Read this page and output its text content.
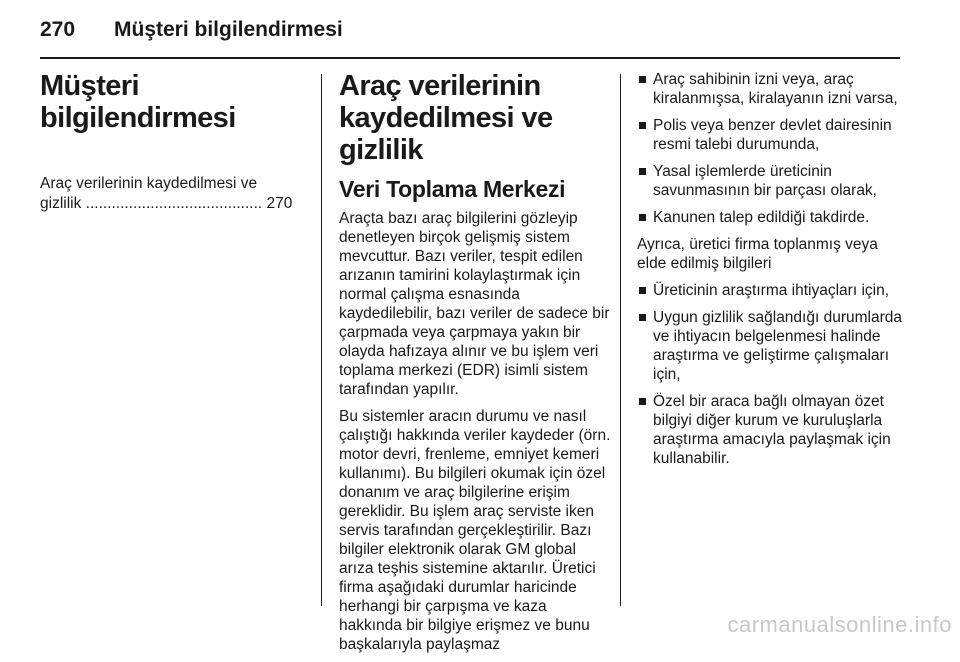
270 Müşteri bilgilendirmesi
Müşteri bilgilendirmesi
Araç verilerinin kaydedilmesi ve
gizlilik ......................................... 270
Araç verilerinin
kaydedilmesi ve gizlilik
Veri Toplama Merkezi

Araçta bazı araç bilgilerini gözleyip denetleyen birçok gelişmiş sistem mevcuttur. Bazı veriler, tespit edilen arızanın tamirini kolaylaştırmak için normal çalışma esnasında kaydedilebilir, bazı veriler de sadece bir çarpmada veya çarpmaya yakın bir olayda hafızaya alınır ve bu işlem veri toplama merkezi (EDR) isimli sistem tarafından yapılır.

Bu sistemler aracın durumu ve nasıl çalıştığı hakkında veriler kaydeder (örn. motor devri, frenleme, emniyet kemeri kullanımı). Bu bilgileri okumak için özel donanım ve araç bilgilerine erişim gereklidir. Bu işlem araç serviste iken servis tarafından gerçekleştirilir. Bazı bilgiler elektronik olarak GM global arıza teşhis sistemine aktarılır. Üretici firma aşağıdaki durumlar haricinde herhangi bir çarpışma ve kaza hakkında bir bilgiye erişmez ve bunu başkalarıyla paylaşmaz

Araç sahibinin izni veya, araç kiralanmışsa, kiralayanın izni varsa,
Polis veya benzer devlet dairesinin resmi talebi durumunda,
Yasal işlemlerde üreticinin savunmasının bir parçası olarak,
Kanunen talep edildiği takdirde.

Ayrıca, üretici firma toplanmış veya elde edilmiş bilgileri

Üreticinin araştırma ihtiyaçları için,
Uygun gizlilik sağlandığı durumlarda ve ihtiyacın belgelenmesi halinde araştırma ve geliştirme çalışmaları için,
Özel bir araca bağlı olmayan özet bilgiyi diğer kurum ve kuruluşlarla araştırma amacıyla paylaşmak için kullanabilir.
carmanualsonline.info
